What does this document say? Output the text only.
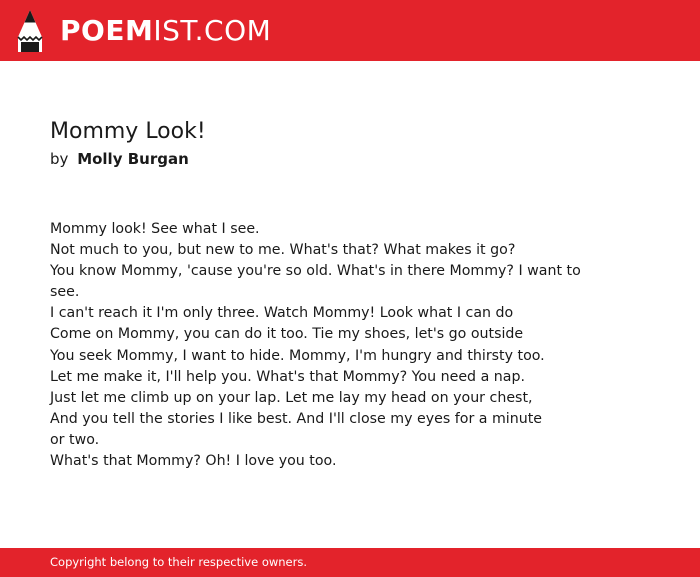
POEMIST.COM
Mommy Look!
by Molly Burgan
Mommy look! See what I see.
Not much to you, but new to me. What's that? What makes it go?
You know Mommy, 'cause you're so old. What's in there Mommy? I want to
see.
I can't reach it I'm only three. Watch Mommy! Look what I can do
Come on Mommy, you can do it too. Tie my shoes, let's go outside
You seek Mommy, I want to hide. Mommy, I'm hungry and thirsty too.
Let me make it, I'll help you. What's that Mommy? You need a nap.
Just let me climb up on your lap. Let me lay my head on your chest,
And you tell the stories I like best. And I'll close my eyes for a minute
or two.
What's that Mommy? Oh! I love you too.
Copyright belong to their respective owners.
